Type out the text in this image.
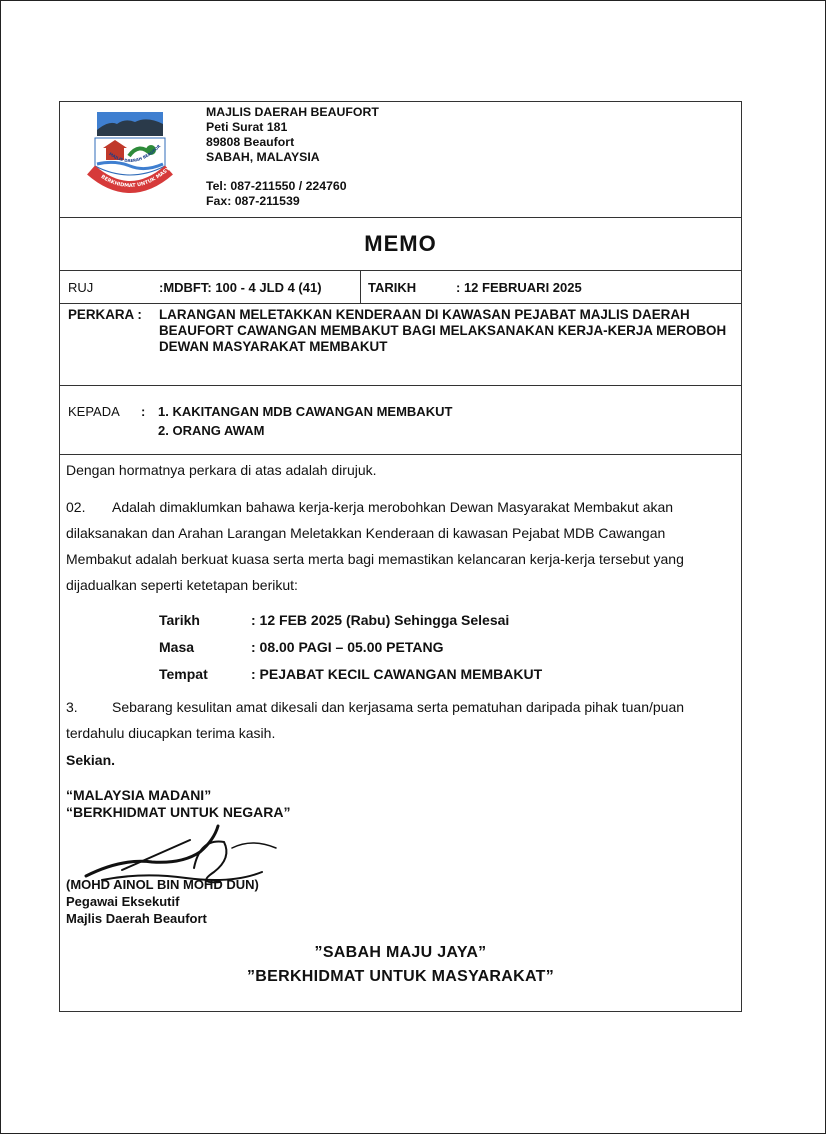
BERKHIDMAT UNTUK MASY
MAJLIS DAERAH BEAUFOR
MAJLIS DAERAH BEAUFORT
Peti Surat 181
89808 Beaufort
SABAH, MALAYSIA
Tel: 087-211550 / 224760
Fax: 087-211539
MEMO
RUJ	:MDBFT: 100 - 4 JLD 4 (41)	TARIKH	: 12 FEBRUARI 2025
PERKARA : LARANGAN MELETAKKAN KENDERAAN DI KAWASAN PEJABAT MAJLIS DAERAH BEAUFORT CAWANGAN MEMBAKUT BAGI MELAKSANAKAN KERJA-KERJA MEROBOH DEWAN MASYARAKAT MEMBAKUT
KEPADA : 1. KAKITANGAN MDB CAWANGAN MEMBAKUT
2. ORANG AWAM
Dengan hormatnya perkara di atas adalah dirujuk.
02. Adalah dimaklumkan bahawa kerja-kerja merobohkan Dewan Masyarakat Membakut akan
dilaksanakan dan Arahan Larangan Meletakkan Kenderaan di kawasan Pejabat MDB Cawangan
Membakut adalah berkuat kuasa serta merta bagi memastikan kelancaran kerja-kerja tersebut yang
dijadualkan seperti ketetapan berikut:
Tarikh	: 12 FEB 2025 (Rabu) Sehingga Selesai
Masa	: 08.00 PAGI – 05.00 PETANG
Tempat	: PEJABAT KECIL CAWANGAN MEMBAKUT
3. Sebarang kesulitan amat dikesali dan kerjasama serta pematuhan daripada pihak tuan/puan
terdahulu diucapkan terima kasih.
Sekian.
“MALAYSIA MADANI”
“BERKHIDMAT UNTUK NEGARA”
(MOHD AINOL BIN MOHD DUN)
Pegawai Eksekutif
Majlis Daerah Beaufort
”SABAH MAJU JAYA”
”BERKHIDMAT UNTUK MASYARAKAT”
